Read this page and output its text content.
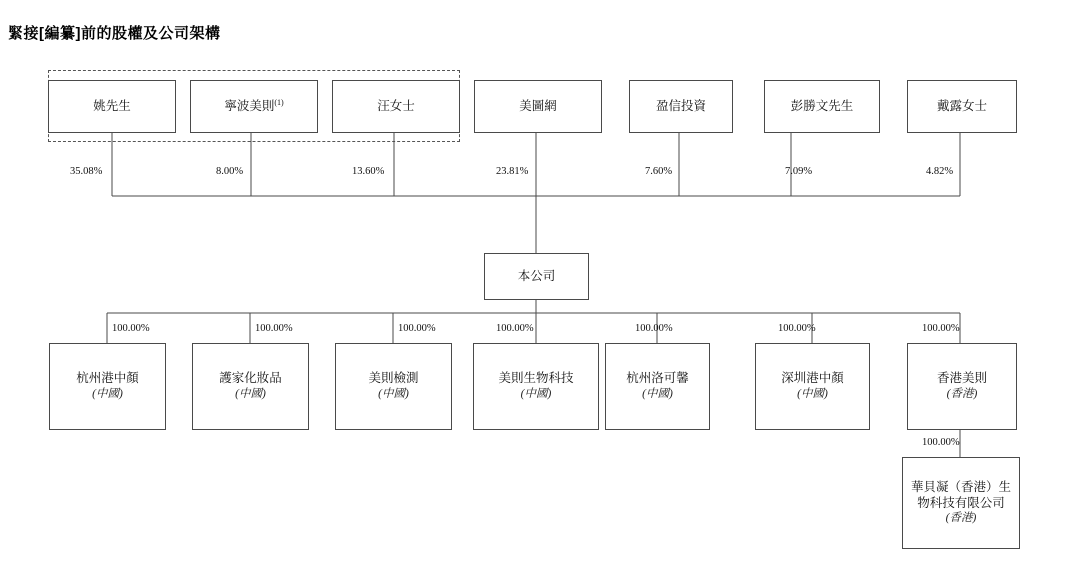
緊接[編纂]前的股權及公司架構
姚先生	寧波美則$^{(1)}$	汪女士	美圖網	盈信投資	彭勝文先生	戴露女士
35.08%	8.00%	13.60%	23.81%	7.60%	7.09%	4.82%
本公司
杭州港中顏
(中國)
護家化妝品
(中國)
美則檢測
(中國)
美則生物科技
(中國)
杭州洛可馨
(中國)
深圳港中顏
(中國)
香港美則
(香港)
100.00%	100.00%	100.00%	100.00%	100.00%	100.00%	100.00%
華貝凝（香港）生物科技有限公司
(香港)
100.00%
